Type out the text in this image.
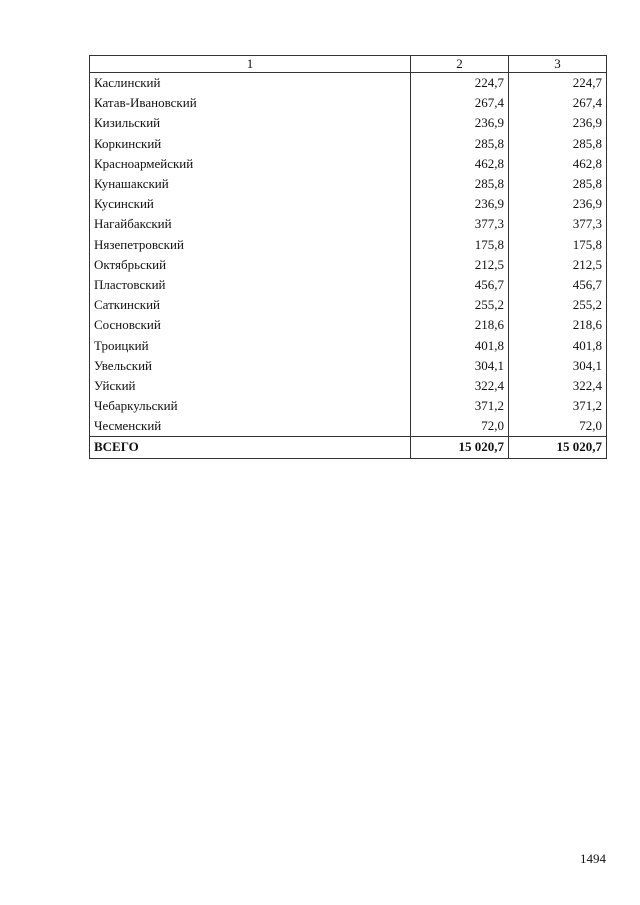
1	2	3
Каслинский	224,7	224,7
Катав-Ивановский	267,4	267,4
Кизильский	236,9	236,9
Коркинский	285,8	285,8
Красноармейский	462,8	462,8
Кунашакский	285,8	285,8
Кусинский	236,9	236,9
Нагайбакский	377,3	377,3
Нязепетровский	175,8	175,8
Октябрьский	212,5	212,5
Пластовский	456,7	456,7
Саткинский	255,2	255,2
Сосновский	218,6	218,6
Троицкий	401,8	401,8
Увельский	304,1	304,1
Уйский	322,4	322,4
Чебаркульский	371,2	371,2
Чесменский	72,0	72,0
ВСЕГО	15 020,7	15 020,7
1494
